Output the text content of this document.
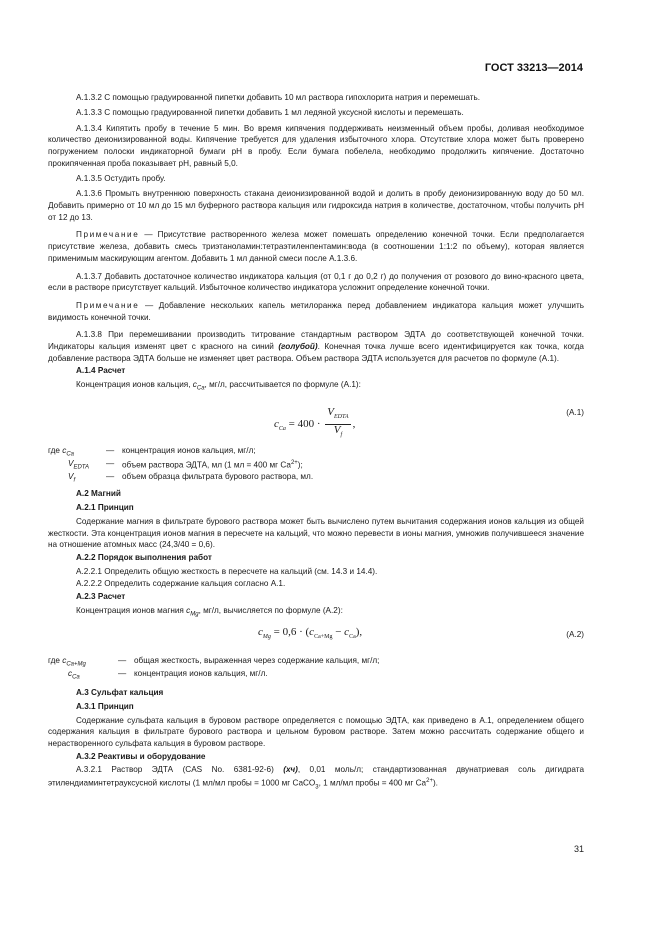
ГОСТ 33213—2014

А.1.3.2 С помощью градуированной пипетки добавить 10 мл раствора гипохлорита натрия и перемешать.

А.1.3.3 С помощью градуированной пипетки добавить 1 мл ледяной уксусной кислоты и перемешать.

А.1.3.4 Кипятить пробу в течение 5 мин. Во время кипячения поддерживать неизменный объем пробы, доливая необходимое количество деионизированной воды. Кипячение требуется для удаления избыточного хлора. Отсутствие хлора может быть проверено погружением полоски индикаторной бумаги рН в пробу. Если бумага побелела, необходимо продолжить кипячение. Достаточно прокипяченная проба показывает рН, равный 5,0.

А.1.3.5 Остудить пробу.

А.1.3.6 Промыть внутреннюю поверхность стакана деионизированной водой и долить в пробу деионизированную воду до 50 мл. Добавить примерно от 10 мл до 15 мл буферного раствора кальция или гидроксида натрия в количестве, достаточном, чтобы получить рН от 12 до 13.

Примечание — Присутствие растворенного железа может помешать определению конечной точки. Если предполагается присутствие железа, добавить смесь триэтаноламин:тетраэтиленпентамин:вода (в соотношении 1:1:2 по объему), которая является применимым маскирующим агентом. Добавить 1 мл данной смеси после А.1.3.6.

А.1.3.7 Добавить достаточное количество индикатора кальция (от 0,1 г до 0,2 г) до получения от розового до вино-красного цвета, если в растворе присутствует кальций. Избыточное количество индикатора усложнит определение конечной точки.

Примечание — Добавление нескольких капель метилоранжа перед добавлением индикатора кальция может улучшить видимость конечной точки.

А.1.3.8 При перемешивании производить титрование стандартным раствором ЭДТА до соответствующей конечной точки. Индикаторы кальция изменят цвет с красного на синий (голубой). Конечная точка лучше всего идентифицируется как точка, когда добавление раствора ЭДТА больше не изменяет цвет раствора. Объем раствора ЭДТА используется для расчетов по формуле (А.1).

А.1.4 Расчет

Концентрация ионов кальция, $c_{Ca}$, мг/л, рассчитывается по формуле (А.1):

$c_{Ca} = 400 \cdot \frac{V_{EDTA}}{V_f}$ ,
(А.1)
где $c_{Ca}$	— концентрация ионов кальция, мг/л;
$V_{EDTA}$	— объем раствора ЭДТА, мл (1 мл = 400 мг $Са^{2+}$);
$V_f$	— объем образца фильтрата бурового раствора, мл.
А.2 Магний
А.2.1 Принцип

Содержание магния в фильтрате бурового раствора может быть вычислено путем вычитания содержания ионов кальция из общей жесткости. Эта концентрация ионов магния в пересчете на кальций, что можно перевести в ионы магния, умножив получившееся значение на отношение атомных масс (24,3/40 = 0,6).

А.2.2 Порядок выполнения работ

А.2.2.1 Определить общую жесткость в пересчете на кальций (см. 14.3 и 14.4).

А.2.2.2 Определить содержание кальция согласно А.1.

А.2.3 Расчет

Концентрация ионов магния $c_{Mg}$, мг/л, вычисляется по формуле (А.2):

$c_{Mg} = 0,6 \cdot (c_{Ca+Mg} - c_{Ca})$,	(А.2)
где $c_{Ca+Mg}$	— общая жесткость, выраженная через содержание кальция, мг/л;
$c_{Ca}$	— концентрация ионов кальция, мг/л.
А.3 Сульфат кальция
А.3.1 Принцип

Содержание сульфата кальция в буровом растворе определяется с помощью ЭДТА, как приведено в А.1, определением общего содержания кальция в фильтрате бурового раствора и цельном буровом растворе. Затем можно рассчитать содержание общего и нерастворенного сульфата кальция в буровом растворе.

А.3.2 Реактивы и оборудование

А.3.2.1 Раствор ЭДТА (CAS No. 6381-92-6) (хч), 0,01 моль/л; стандартизованная двунатриевая соль дигидрата этилендиаминтетрауксусной кислоты (1 мл/мл пробы = 1000 мг CaCO$_3$, 1 мл/мл пробы = 400 мг $Ca^{2+}$).

31
